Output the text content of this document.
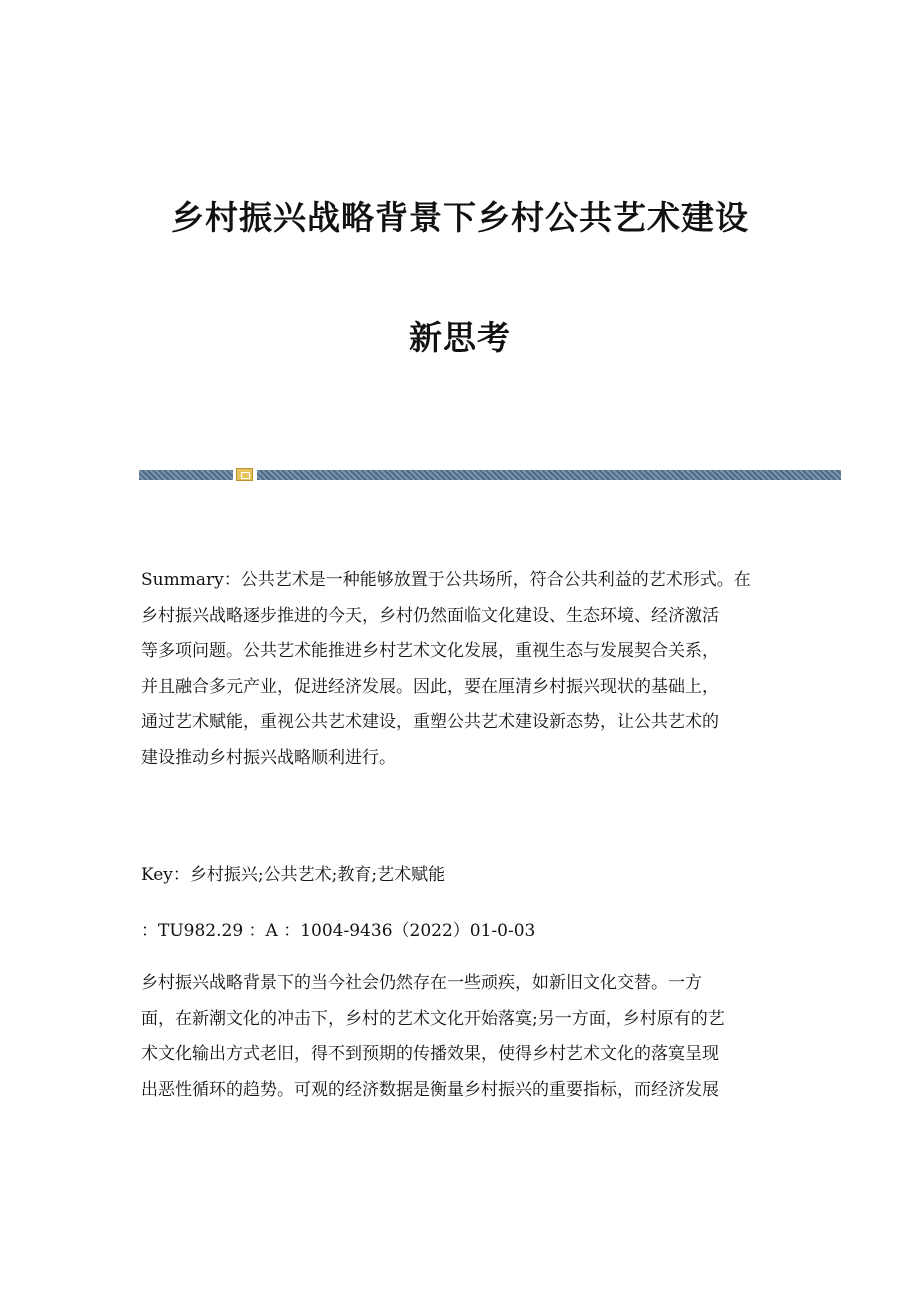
乡村振兴战略背景下乡村公共艺术建设
新思考
Summary：公共艺术是一种能够放置于公共场所，符合公共利益的艺术形式。在
乡村振兴战略逐步推进的今天，乡村仍然面临文化建设、生态环境、经济激活
等多项问题。公共艺术能推进乡村艺术文化发展，重视生态与发展契合关系，
并且融合多元产业，促进经济发展。因此，要在厘清乡村振兴现状的基础上，
通过艺术赋能，重视公共艺术建设，重塑公共艺术建设新态势，让公共艺术的
建设推动乡村振兴战略顺利进行。
Key：乡村振兴;公共艺术;教育;艺术赋能
：TU982.29 ：A ：1004-9436（2022）01-0-03
乡村振兴战略背景下的当今社会仍然存在一些顽疾，如新旧文化交替。一方
面，在新潮文化的冲击下，乡村的艺术文化开始落寞;另一方面，乡村原有的艺
术文化输出方式老旧，得不到预期的传播效果，使得乡村艺术文化的落寞呈现
出恶性循环的趋势。可观的经济数据是衡量乡村振兴的重要指标，而经济发展
